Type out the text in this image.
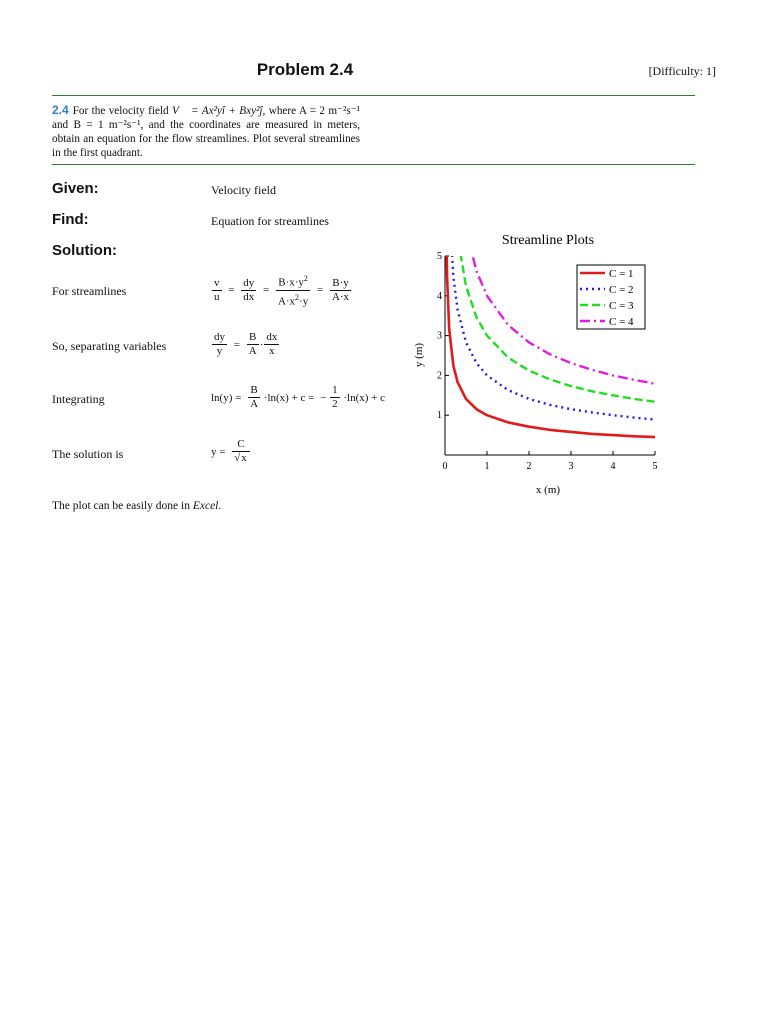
Problem 2.4	[Difficulty: 1]
2.4 For the velocity field V⃗ = Ax²yî + Bxy²ĵ, where A = 2 m⁻²s⁻¹ and B = 1 m⁻²s⁻¹, and the coordinates are measured in meters, obtain an equation for the flow streamlines. Plot several streamlines in the first quadrant.
Given:	Velocity field
Find:	Equation for streamlines
Solution:
For streamlines	$\frac{v}{u} = \frac{dy}{dx} = \frac{B\cdot x\cdot y^2}{A\cdot x^2\cdot y} = \frac{B\cdot y}{A\cdot x}$
So, separating variables	$\frac{dy}{y} = \frac{B}{A} \cdot \frac{dx}{x}$
Integrating	$\ln(y) = \frac{B}{A} \cdot\ln(x) + c$ = − $\frac{1}{2} \cdot\ln(x) + c$
The solution is	$y = \frac{C}{√x}$
The plot can be easily done in Excel.
Streamline Plots
0	1	2	3	4	5
1
2
3
4
5
x (m)
y (m)
C = 1
C = 2
C = 3
C = 4
